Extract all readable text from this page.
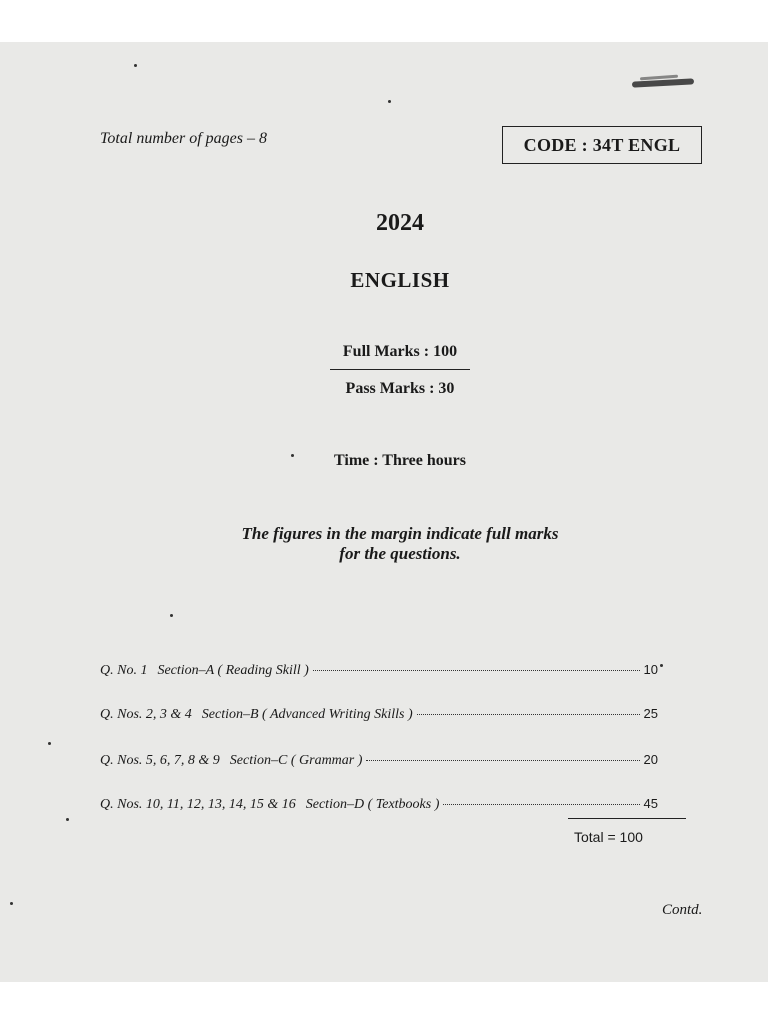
Total number of pages – 8	CODE : 34T ENGL
2024
ENGLISH
Full Marks : 100
Pass Marks : 30
Time : Three hours
The figures in the margin indicate full marks
for the questions.
Q. No. 1 Section–A ( Reading Skill )	10
Q. Nos. 2, 3 & 4 Section–B ( Advanced Writing Skills )	25
Q. Nos. 5, 6, 7, 8 & 9 Section–C ( Grammar )	20
Q. Nos. 10, 11, 12, 13, 14, 15 & 16 Section–D ( Textbooks )	45
Total = 100
Contd.
